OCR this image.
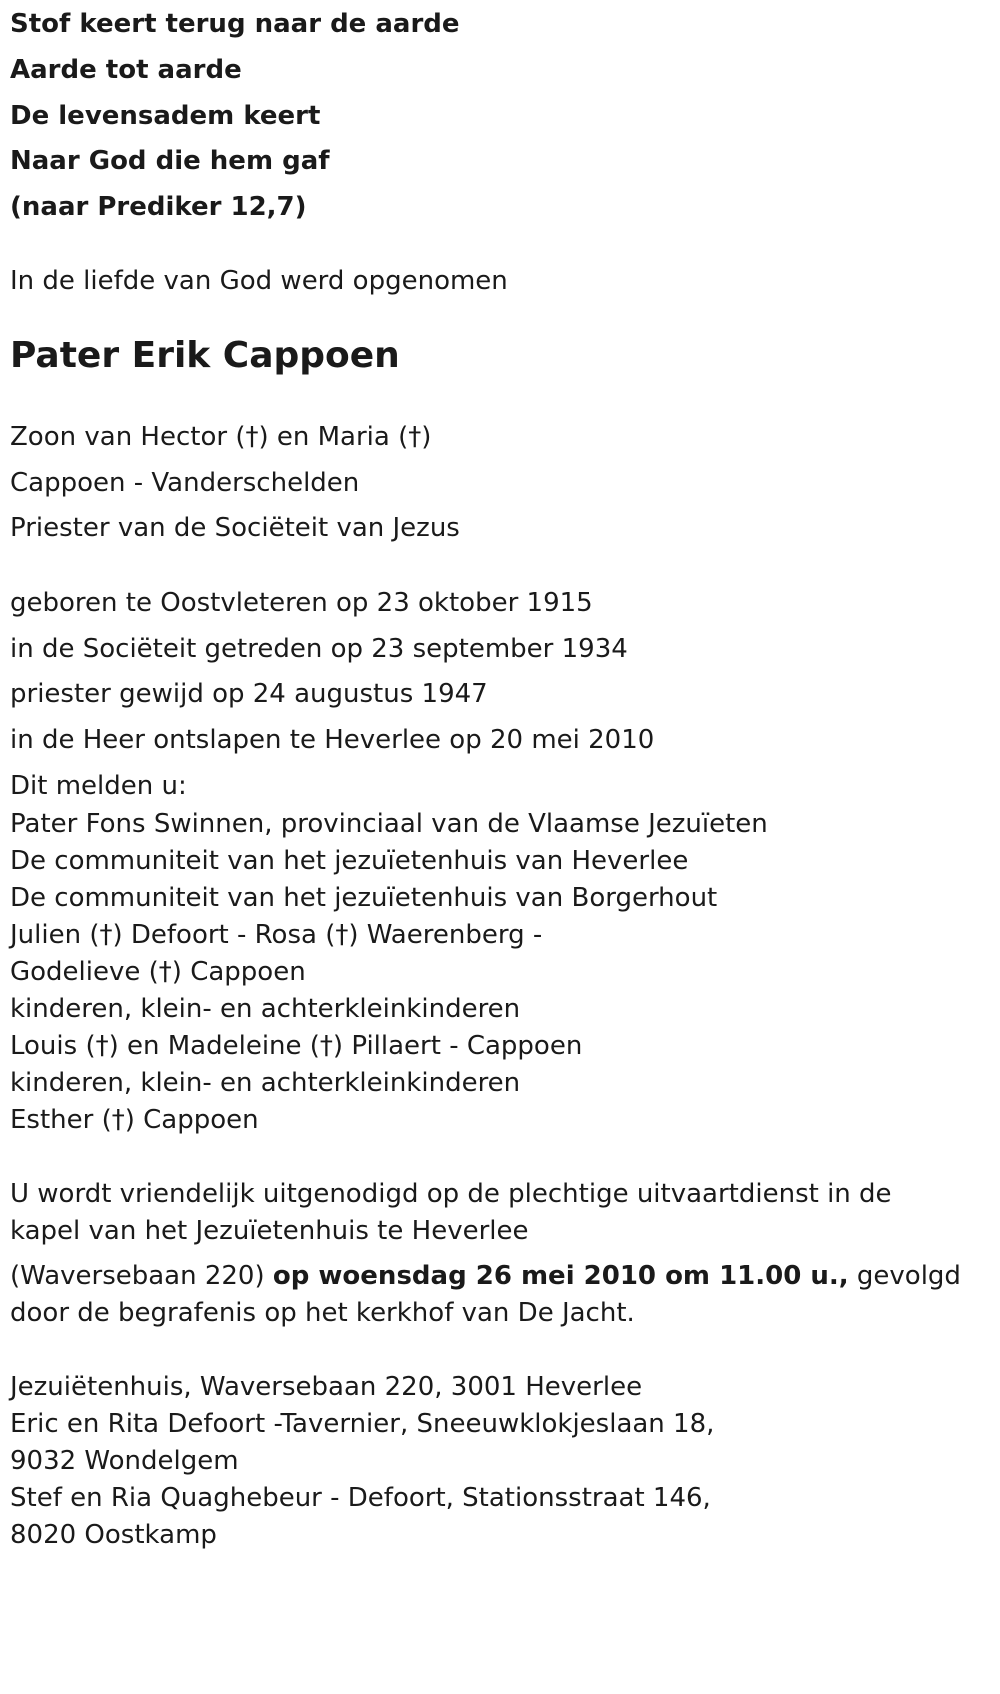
Stof keert terug naar de aarde
Aarde tot aarde
De levensadem keert
Naar God die hem gaf
(naar Prediker 12,7)
In de liefde van God werd opgenomen
Pater Erik Cappoen
Zoon van Hector (†) en Maria (†)
Cappoen - Vanderschelden
Priester van de Sociëteit van Jezus
geboren te Oostvleteren op 23 oktober 1915
in de Sociëteit getreden op 23 september 1934
priester gewijd op 24 augustus 1947
in de Heer ontslapen te Heverlee op 20 mei 2010
Dit melden u:
Pater Fons Swinnen, provinciaal van de Vlaamse Jezuïeten
De communiteit van het jezuïetenhuis van Heverlee
De communiteit van het jezuïetenhuis van Borgerhout
Julien (†) Defoort - Rosa (†) Waerenberg -
Godelieve (†) Cappoen
kinderen, klein- en achterkleinkinderen
Louis (†) en Madeleine (†) Pillaert - Cappoen
kinderen, klein- en achterkleinkinderen
Esther (†) Cappoen
U wordt vriendelijk uitgenodigd op de plechtige uitvaartdienst in de
kapel van het Jezuïetenhuis te Heverlee
(Waversebaan 220) op woensdag 26 mei 2010 om 11.00 u., gevolgd
door de begrafenis op het kerkhof van De Jacht.
Jezuiëtenhuis, Waversebaan 220, 3001 Heverlee
Eric en Rita Defoort -Tavernier, Sneeuwklokjeslaan 18,
9032 Wondelgem
Stef en Ria Quaghebeur - Defoort, Stationsstraat 146,
8020 Oostkamp
